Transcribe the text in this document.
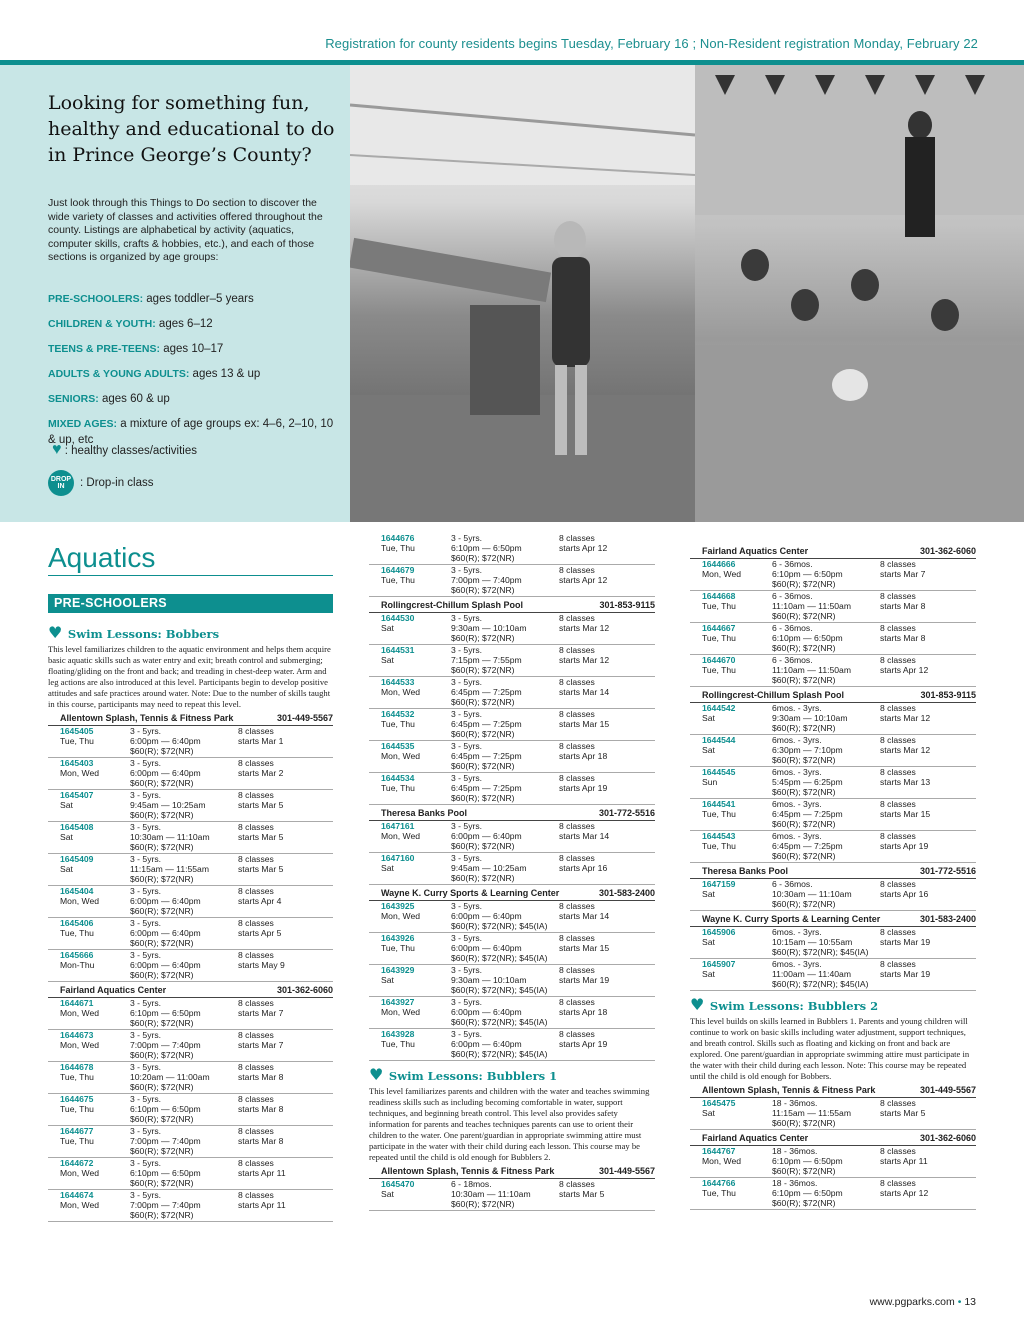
Registration for county residents begins Tuesday, February 16 ; Non-Resident registration Monday, February 22
Looking for something fun, healthy and educational to do in Prince George’s County?
Just look through this Things to Do section to discover the wide variety of classes and activities offered throughout the county. Listings are alphabetical by activity (aquatics, computer skills, crafts & hobbies, etc.), and each of those sections is organized by age groups:
PRE-SCHOOLERS: ages toddler–5 years
CHILDREN & YOUTH: ages 6–12
TEENS & PRE-TEENS: ages 10–17
ADULTS & YOUNG ADULTS: ages 13 & up
SENIORS: ages 60 & up
MIXED AGES: a mixture of age groups ex: 4–6, 2–10, 10 & up, etc
♥ : healthy classes/activities
DROP
IN : Drop-in class
Aquatics
PRE-SCHOOLERS
♥ Swim Lessons: Bobbers
This level familiarizes children to the aquatic environment and helps them acquire basic aquatic skills such as water entry and exit; breath control and submerging; floating/gliding on the front and back; and treading in chest-deep water. Arm and leg actions are also introduced at this level. Participants begin to develop positive attitudes and safe practices around water. Note: Due to the number of skills taught in this course, participants may need to repeat this level.
Allentown Splash, Tennis & Fitness Park	301-449-5567
1645405	3 - 5yrs.	8 classes
Tue, Thu	6:00pm — 6:40pm	starts Mar 1
$60(R); $72(NR)
1645403	3 - 5yrs.	8 classes
Mon, Wed	6:00pm — 6:40pm	starts Mar 2
$60(R); $72(NR)
1645407	3 - 5yrs.	8 classes
Sat	9:45am — 10:25am	starts Mar 5
$60(R); $72(NR)
1645408	3 - 5yrs.	8 classes
Sat	10:30am — 11:10am	starts Mar 5
$60(R); $72(NR)
1645409	3 - 5yrs.	8 classes
Sat	11:15am — 11:55am	starts Mar 5
$60(R); $72(NR)
1645404	3 - 5yrs.	8 classes
Mon, Wed	6:00pm — 6:40pm	starts Apr 4
$60(R); $72(NR)
1645406	3 - 5yrs.	8 classes
Tue, Thu	6:00pm — 6:40pm	starts Apr 5
$60(R); $72(NR)
1645666	3 - 5yrs.	8 classes
Mon-Thu	6:00pm — 6:40pm	starts May 9
$60(R); $72(NR)
Fairland Aquatics Center	301-362-6060
1644671	3 - 5yrs.	8 classes
Mon, Wed	6:10pm — 6:50pm	starts Mar 7
$60(R); $72(NR)
1644673	3 - 5yrs.	8 classes
Mon, Wed	7:00pm — 7:40pm	starts Mar 7
$60(R); $72(NR)
1644678	3 - 5yrs.	8 classes
Tue, Thu	10:20am — 11:00am	starts Mar 8
$60(R); $72(NR)
1644675	3 - 5yrs.	8 classes
Tue, Thu	6:10pm — 6:50pm	starts Mar 8
$60(R); $72(NR)
1644677	3 - 5yrs.	8 classes
Tue, Thu	7:00pm — 7:40pm	starts Mar 8
$60(R); $72(NR)
1644672	3 - 5yrs.	8 classes
Mon, Wed	6:10pm — 6:50pm	starts Apr 11
$60(R); $72(NR)
1644674	3 - 5yrs.	8 classes
Mon, Wed	7:00pm — 7:40pm	starts Apr 11
$60(R); $72(NR)
1644676	3 - 5yrs.	8 classes
Tue, Thu	6:10pm — 6:50pm	starts Apr 12
$60(R); $72(NR)
1644679	3 - 5yrs.	8 classes
Tue, Thu	7:00pm — 7:40pm	starts Apr 12
$60(R); $72(NR)
Rollingcrest-Chillum Splash Pool	301-853-9115
1644530	3 - 5yrs.	8 classes
Sat	9:30am — 10:10am	starts Mar 12
$60(R); $72(NR)
1644531	3 - 5yrs.	8 classes
Sat	7:15pm — 7:55pm	starts Mar 12
$60(R); $72(NR)
1644533	3 - 5yrs.	8 classes
Mon, Wed	6:45pm — 7:25pm	starts Mar 14
$60(R); $72(NR)
1644532	3 - 5yrs.	8 classes
Tue, Thu	6:45pm — 7:25pm	starts Mar 15
$60(R); $72(NR)
1644535	3 - 5yrs.	8 classes
Mon, Wed	6:45pm — 7:25pm	starts Apr 18
$60(R); $72(NR)
1644534	3 - 5yrs.	8 classes
Tue, Thu	6:45pm — 7:25pm	starts Apr 19
$60(R); $72(NR)
Theresa Banks Pool	301-772-5516
1647161	3 - 5yrs.	8 classes
Mon, Wed	6:00pm — 6:40pm	starts Mar 14
$60(R); $72(NR)
1647160	3 - 5yrs.	8 classes
Sat	9:45am — 10:25am	starts Apr 16
$60(R); $72(NR)
Wayne K. Curry Sports & Learning Center	301-583-2400
1643925	3 - 5yrs.	8 classes
Mon, Wed	6:00pm — 6:40pm	starts Mar 14
$60(R); $72(NR); $45(IA)
1643926	3 - 5yrs.	8 classes
Tue, Thu	6:00pm — 6:40pm	starts Mar 15
$60(R); $72(NR); $45(IA)
1643929	3 - 5yrs.	8 classes
Sat	9:30am — 10:10am	starts Mar 19
$60(R); $72(NR); $45(IA)
1643927	3 - 5yrs.	8 classes
Mon, Wed	6:00pm — 6:40pm	starts Apr 18
$60(R); $72(NR); $45(IA)
1643928	3 - 5yrs.	8 classes
Tue, Thu	6:00pm — 6:40pm	starts Apr 19
$60(R); $72(NR); $45(IA)
♥ Swim Lessons: Bubblers 1
This level familiarizes parents and children with the water and teaches swimming readiness skills such as including becoming comfortable in water, support techniques, and beginning breath control. This level also provides safety information for parents and teaches techniques parents can use to orient their children to the water. One parent/guardian in appropriate swimming attire must participate in the water with their child during each lesson. This course may be repeated until the child is old enough for Bubblers 2.
Allentown Splash, Tennis & Fitness Park	301-449-5567
1645470	6 - 18mos.	8 classes
Sat	10:30am — 11:10am	starts Mar 5
$60(R); $72(NR)
Fairland Aquatics Center	301-362-6060
1644666	6 - 36mos.	8 classes
Mon, Wed	6:10pm — 6:50pm	starts Mar 7
$60(R); $72(NR)
1644668	6 - 36mos.	8 classes
Tue, Thu	11:10am — 11:50am	starts Mar 8
$60(R); $72(NR)
1644667	6 - 36mos.	8 classes
Tue, Thu	6:10pm — 6:50pm	starts Mar 8
$60(R); $72(NR)
1644670	6 - 36mos.	8 classes
Tue, Thu	11:10am — 11:50am	starts Apr 12
$60(R); $72(NR)
Rollingcrest-Chillum Splash Pool	301-853-9115
1644542	6mos. - 3yrs.	8 classes
Sat	9:30am — 10:10am	starts Mar 12
$60(R); $72(NR)
1644544	6mos. - 3yrs.	8 classes
Sat	6:30pm — 7:10pm	starts Mar 12
$60(R); $72(NR)
1644545	6mos. - 3yrs.	8 classes
Sun	5:45pm — 6:25pm	starts Mar 13
$60(R); $72(NR)
1644541	6mos. - 3yrs.	8 classes
Tue, Thu	6:45pm — 7:25pm	starts Mar 15
$60(R); $72(NR)
1644543	6mos. - 3yrs.	8 classes
Tue, Thu	6:45pm — 7:25pm	starts Apr 19
$60(R); $72(NR)
Theresa Banks Pool	301-772-5516
1647159	6 - 36mos.	8 classes
Sat	10:30am — 11:10am	starts Apr 16
$60(R); $72(NR)
Wayne K. Curry Sports & Learning Center	301-583-2400
1645906	6mos. - 3yrs.	8 classes
Sat	10:15am — 10:55am	starts Mar 19
$60(R); $72(NR); $45(IA)
1645907	6mos. - 3yrs.	8 classes
Sat	11:00am — 11:40am	starts Mar 19
$60(R); $72(NR); $45(IA)
♥ Swim Lessons: Bubblers 2
This level builds on skills learned in Bubblers 1. Parents and young children will continue to work on basic skills including water adjustment, support techniques, and breath control. Skills such as floating and kicking on front and back are explored. One parent/guardian in appropriate swimming attire must participate in the water with their child during each lesson. Note: This course may be repeated until the child is old enough for Bobbers.
Allentown Splash, Tennis & Fitness Park	301-449-5567
1645475	18 - 36mos.	8 classes
Sat	11:15am — 11:55am	starts Mar 5
$60(R); $72(NR)
Fairland Aquatics Center	301-362-6060
1644767	18 - 36mos.	8 classes
Mon, Wed	6:10pm — 6:50pm	starts Apr 11
$60(R); $72(NR)
1644766	18 - 36mos.	8 classes
Tue, Thu	6:10pm — 6:50pm	starts Apr 12
$60(R); $72(NR)
www.pgparks.com • 13
